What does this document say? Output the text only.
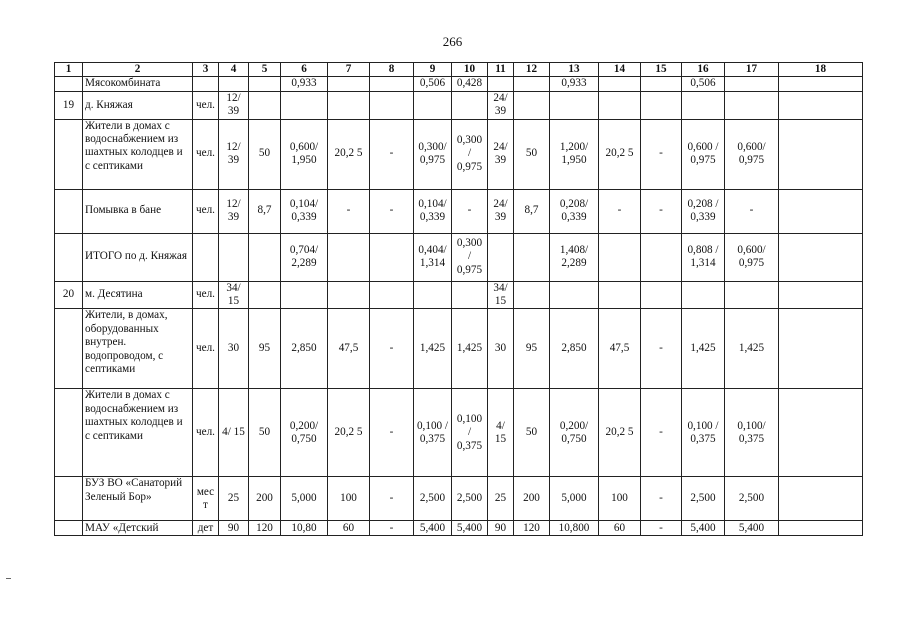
266
1	2	3	4	5	6	7	8	9	10	11	12	13	14	15	16	17	18
	Мясокомбината				0,933			0,506	0,428			0,933			0,506		
19	д. Княжая	чел.	12/ 39							24/ 39							
	Жители в домах с водоснабжением из шахтных колодцев и с септиками	чел.	12/ 39	50	0,600/ 1,950	20,2 5	-	0,300/ 0,975	0,300 / 0,975	24/ 39	50	1,200/ 1,950	20,2 5	-	0,600 / 0,975	0,600/ 0,975	
	Помывка в бане	чел.	12/ 39	8,7	0,104/ 0,339	-	-	0,104/ 0,339	-	24/ 39	8,7	0,208/ 0,339	-	-	0,208 / 0,339	-	
	ИТОГО по д. Княжая				0,704/ 2,289			0,404/ 1,314	0,300 / 0,975			1,408/ 2,289			0,808 / 1,314	0,600/ 0,975	
20	м. Десятина	чел.	34/ 15							34/ 15							
	Жители, в домах, оборудованных внутрен. водопроводом, с септиками	чел.	30	95	2,850	47,5	-	1,425	1,425	30	95	2,850	47,5	-	1,425	1,425	
	Жители в домах с водоснабжением из шахтных колодцев и с септиками	чел.	4/ 15	50	0,200/ 0,750	20,2 5	-	0,100 / 0,375	0,100 / 0,375	4/ 15	50	0,200/ 0,750	20,2 5	-	0,100 / 0,375	0,100/ 0,375	
	БУЗ ВО «Санаторий Зеленый Бор»	мес т	25	200	5,000	100	-	2,500	2,500	25	200	5,000	100	-	2,500	2,500	
	МАУ «Детский	дет	90	120	10,80	60	-	5,400	5,400	90	120	10,800	60	-	5,400	5,400	
